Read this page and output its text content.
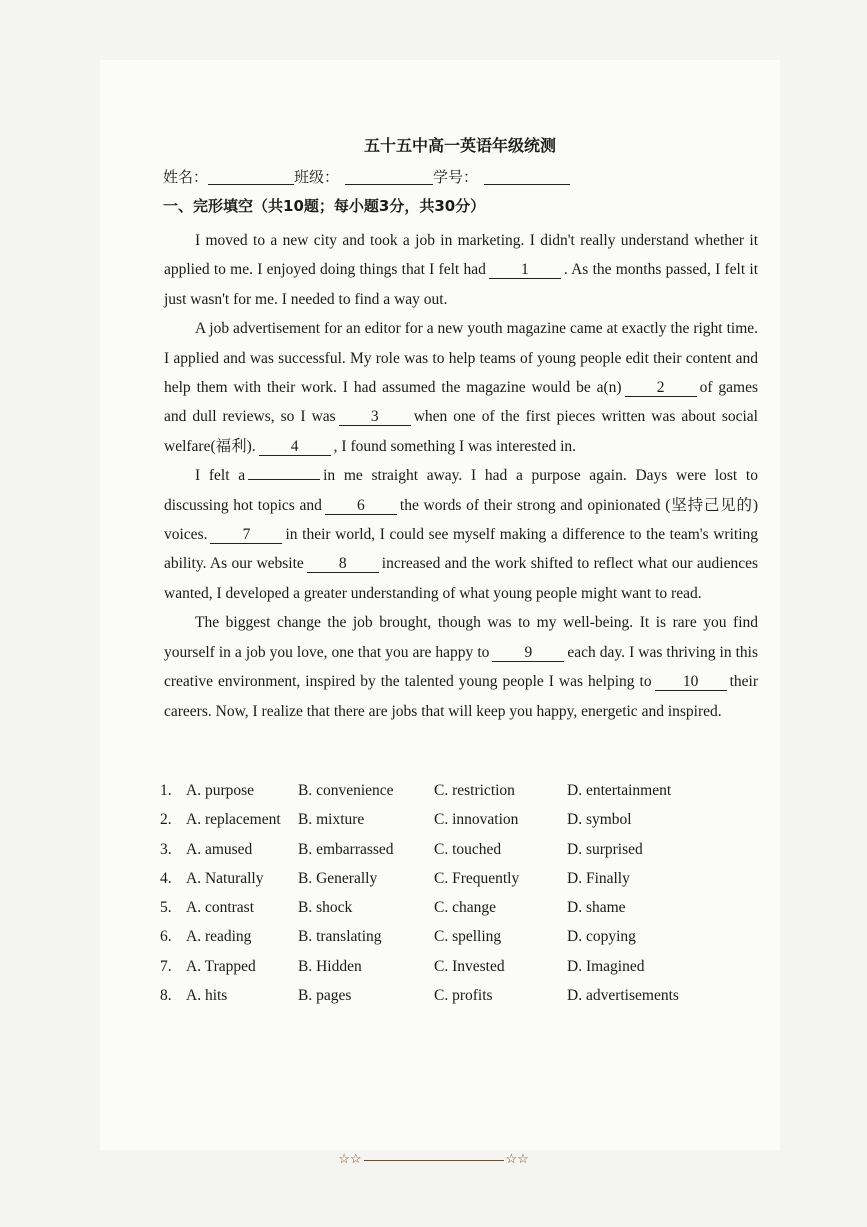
五十五中高一英语年级统测
姓名：	班级：	学号：
一、完形填空（共10题；每小题3分，共30分）

I moved to a new city and took a job in marketing. I didn't really understand whether it applied to me. I enjoyed doing things that I felt had 1 . As the months passed, I felt it just wasn't for me. I needed to find a way out.

A job advertisement for an editor for a new youth magazine came at exactly the right time. I applied and was successful. My role was to help teams of young people edit their content and help them with their work. I had assumed the magazine would be a(n) 2 of games and dull reviews, so I was 3 when one of the first pieces written was about social welfare(福利). 4 , I found something I was interested in.

I felt a	in me straight away. I had a purpose again. Days were lost to discussing hot topics and 6 the words of their strong and opinionated (坚持己见的) voices. 7 in their world, I could see myself making a difference to the team's writing ability. As our website 8 increased and the work shifted to reflect what our audiences wanted, I developed a greater understanding of what young people might want to read.

The biggest change the job brought, though was to my well-being. It is rare you find yourself in a job you love, one that you are happy to 9 each day. I was thriving in this creative environment, inspired by the talented young people I was helping to 10 their careers. Now, I realize that there are jobs that will keep you happy, energetic and inspired.

1. A. purpose	B. convenience	C. restriction	D. entertainment
2. A. replacement B. mixture	C. innovation	D. symbol
3. A. amused	B. embarrassed	C. touched	D. surprised
4. A. Naturally B. Generally	C. Frequently	D. Finally
5. A. contrast	B. shock	C. change	D. shame
6. A. reading	B. translating	C. spelling	D. copying
7. A. Trapped	B. Hidden	C. Invested	D. Imagined
8. A. hits	B. pages	C. profits	D. advertisements
☆☆	☆☆
